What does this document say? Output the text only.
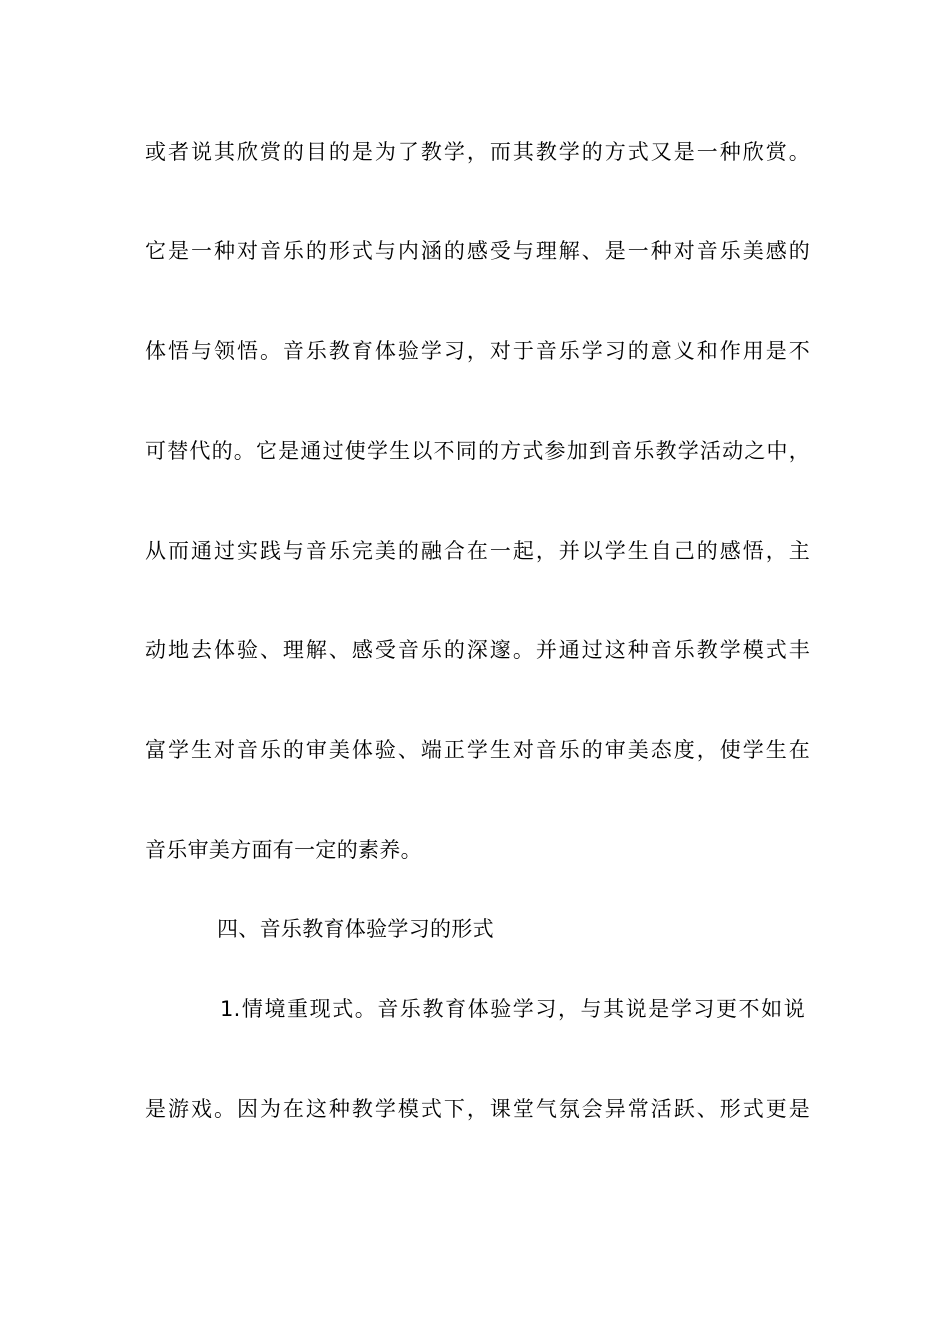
或者说其欣赏的目的是为了教学，而其教学的方式又是一种欣赏。
它是一种对音乐的形式与内涵的感受与理解、是一种对音乐美感的
体悟与领悟。音乐教育体验学习，对于音乐学习的意义和作用是不
可替代的。它是通过使学生以不同的方式参加到音乐教学活动之中，
从而通过实践与音乐完美的融合在一起，并以学生自己的感悟，主
动地去体验、理解、感受音乐的深邃。并通过这种音乐教学模式丰
富学生对音乐的审美体验、端正学生对音乐的审美态度，使学生在
音乐审美方面有一定的素养。
四、音乐教育体验学习的形式
1.情境重现式。音乐教育体验学习，与其说是学习更不如说
是游戏。因为在这种教学模式下，课堂气氛会异常活跃、形式更是
